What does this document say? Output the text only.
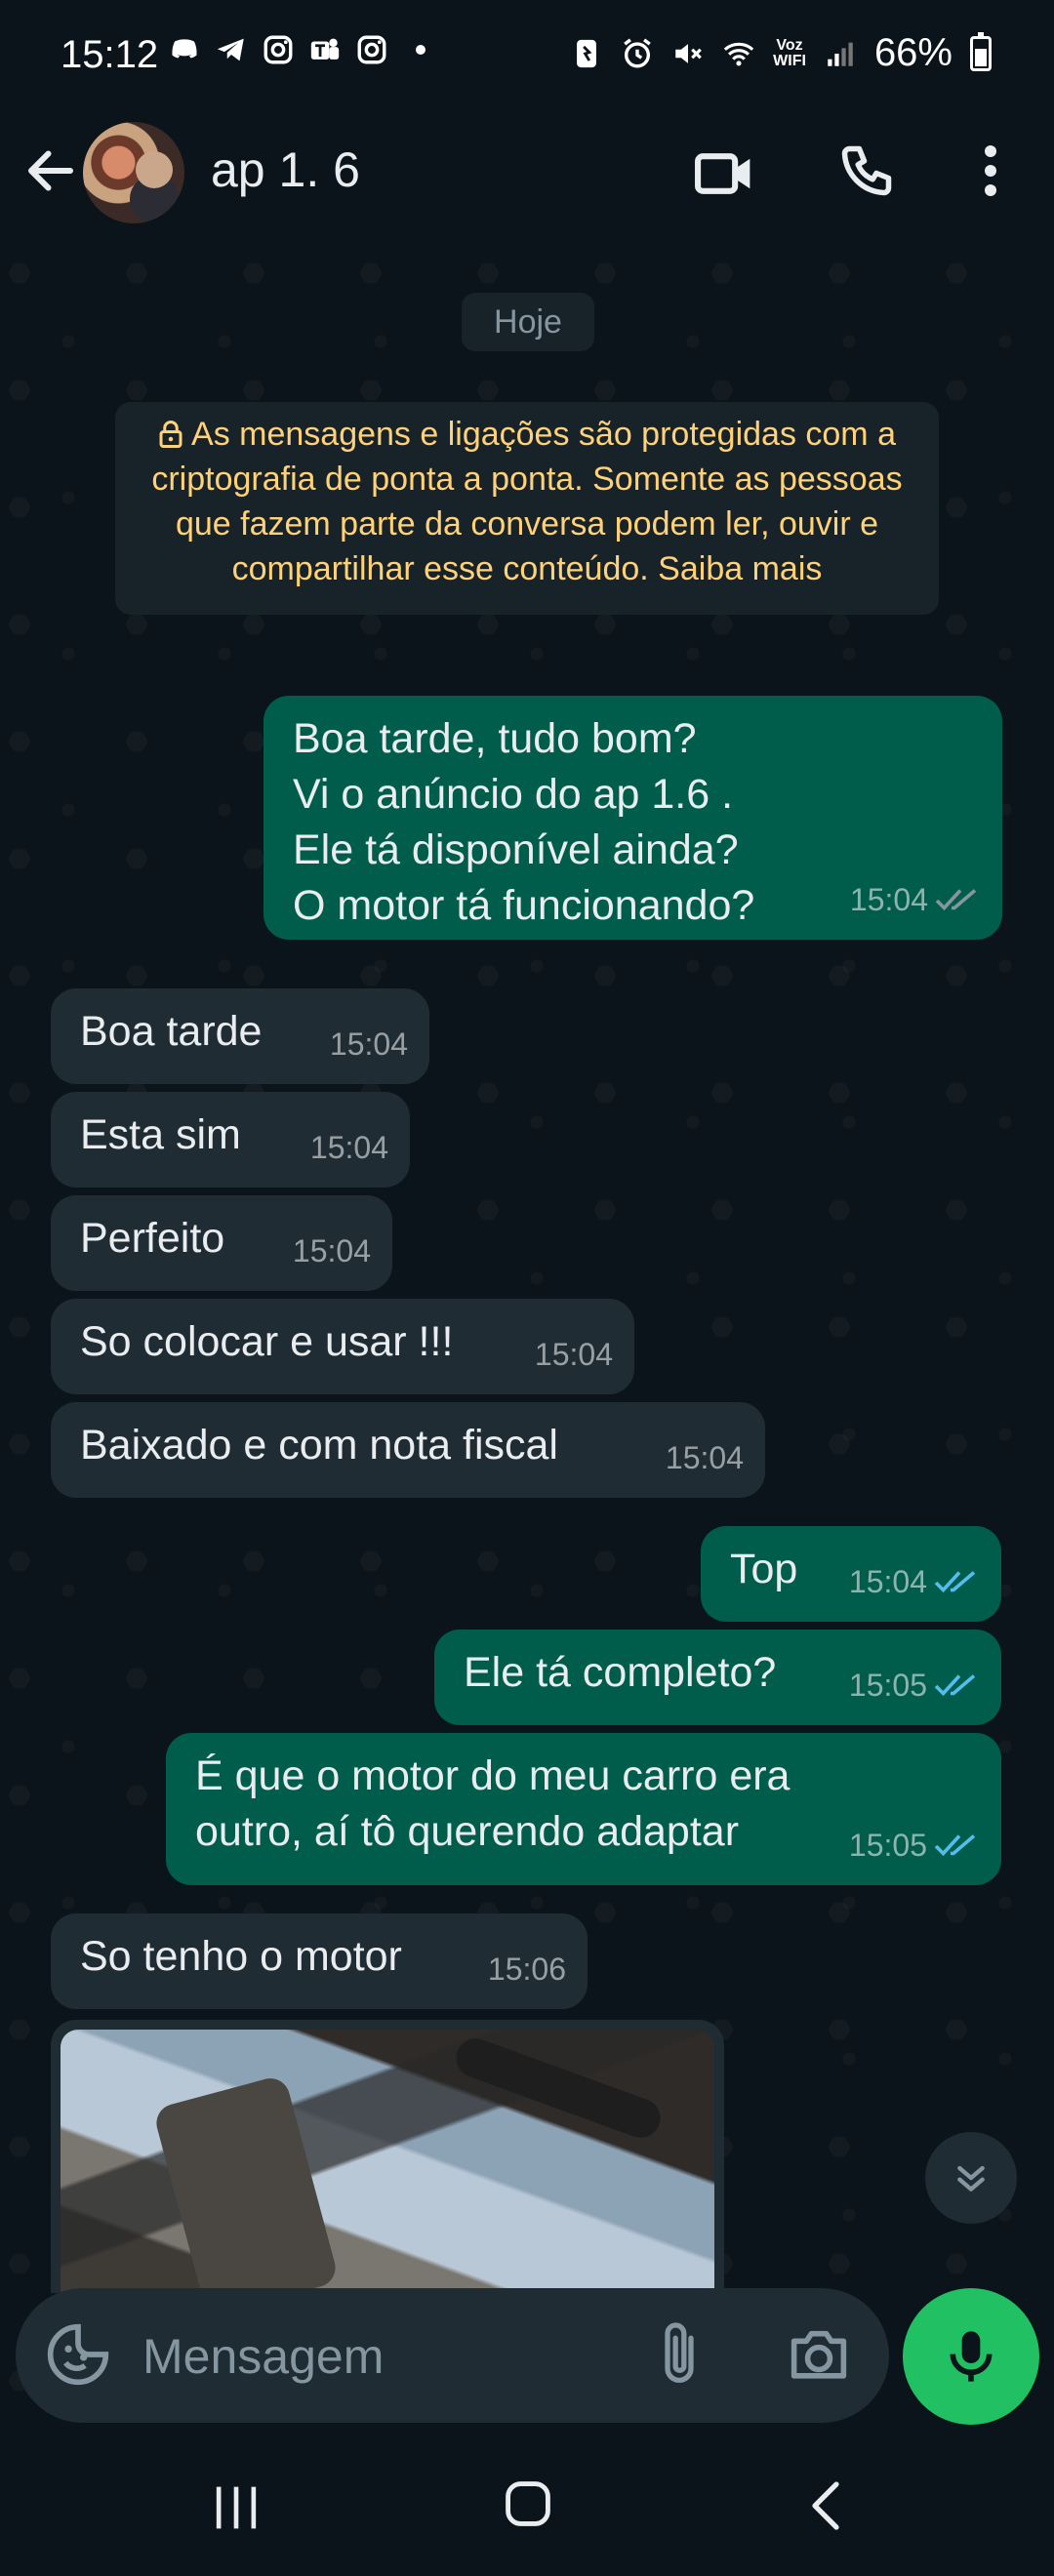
15:12	Voz
WIFI 66%
ap 1. 6
Hoje
As mensagens e ligações são protegidas com a criptografia de ponta a ponta. Somente as pessoas que fazem parte da conversa podem ler, ouvir e compartilhar esse conteúdo. Saiba mais
Boa tarde, tudo bom?
Vi o anúncio do ap 1.6 .
Ele tá disponível ainda?
O motor tá funcionando?	15:04
Boa tarde 15:04
Esta sim 15:04
Perfeito 15:04
So colocar e usar !!!	15:04
Baixado e com nota fiscal	15:04
Top 15:04
Ele tá completo? 15:05
É que o motor do meu carro era
outro, aí tô querendo adaptar	15:05
So tenho o motor	15:06
Mensagem
